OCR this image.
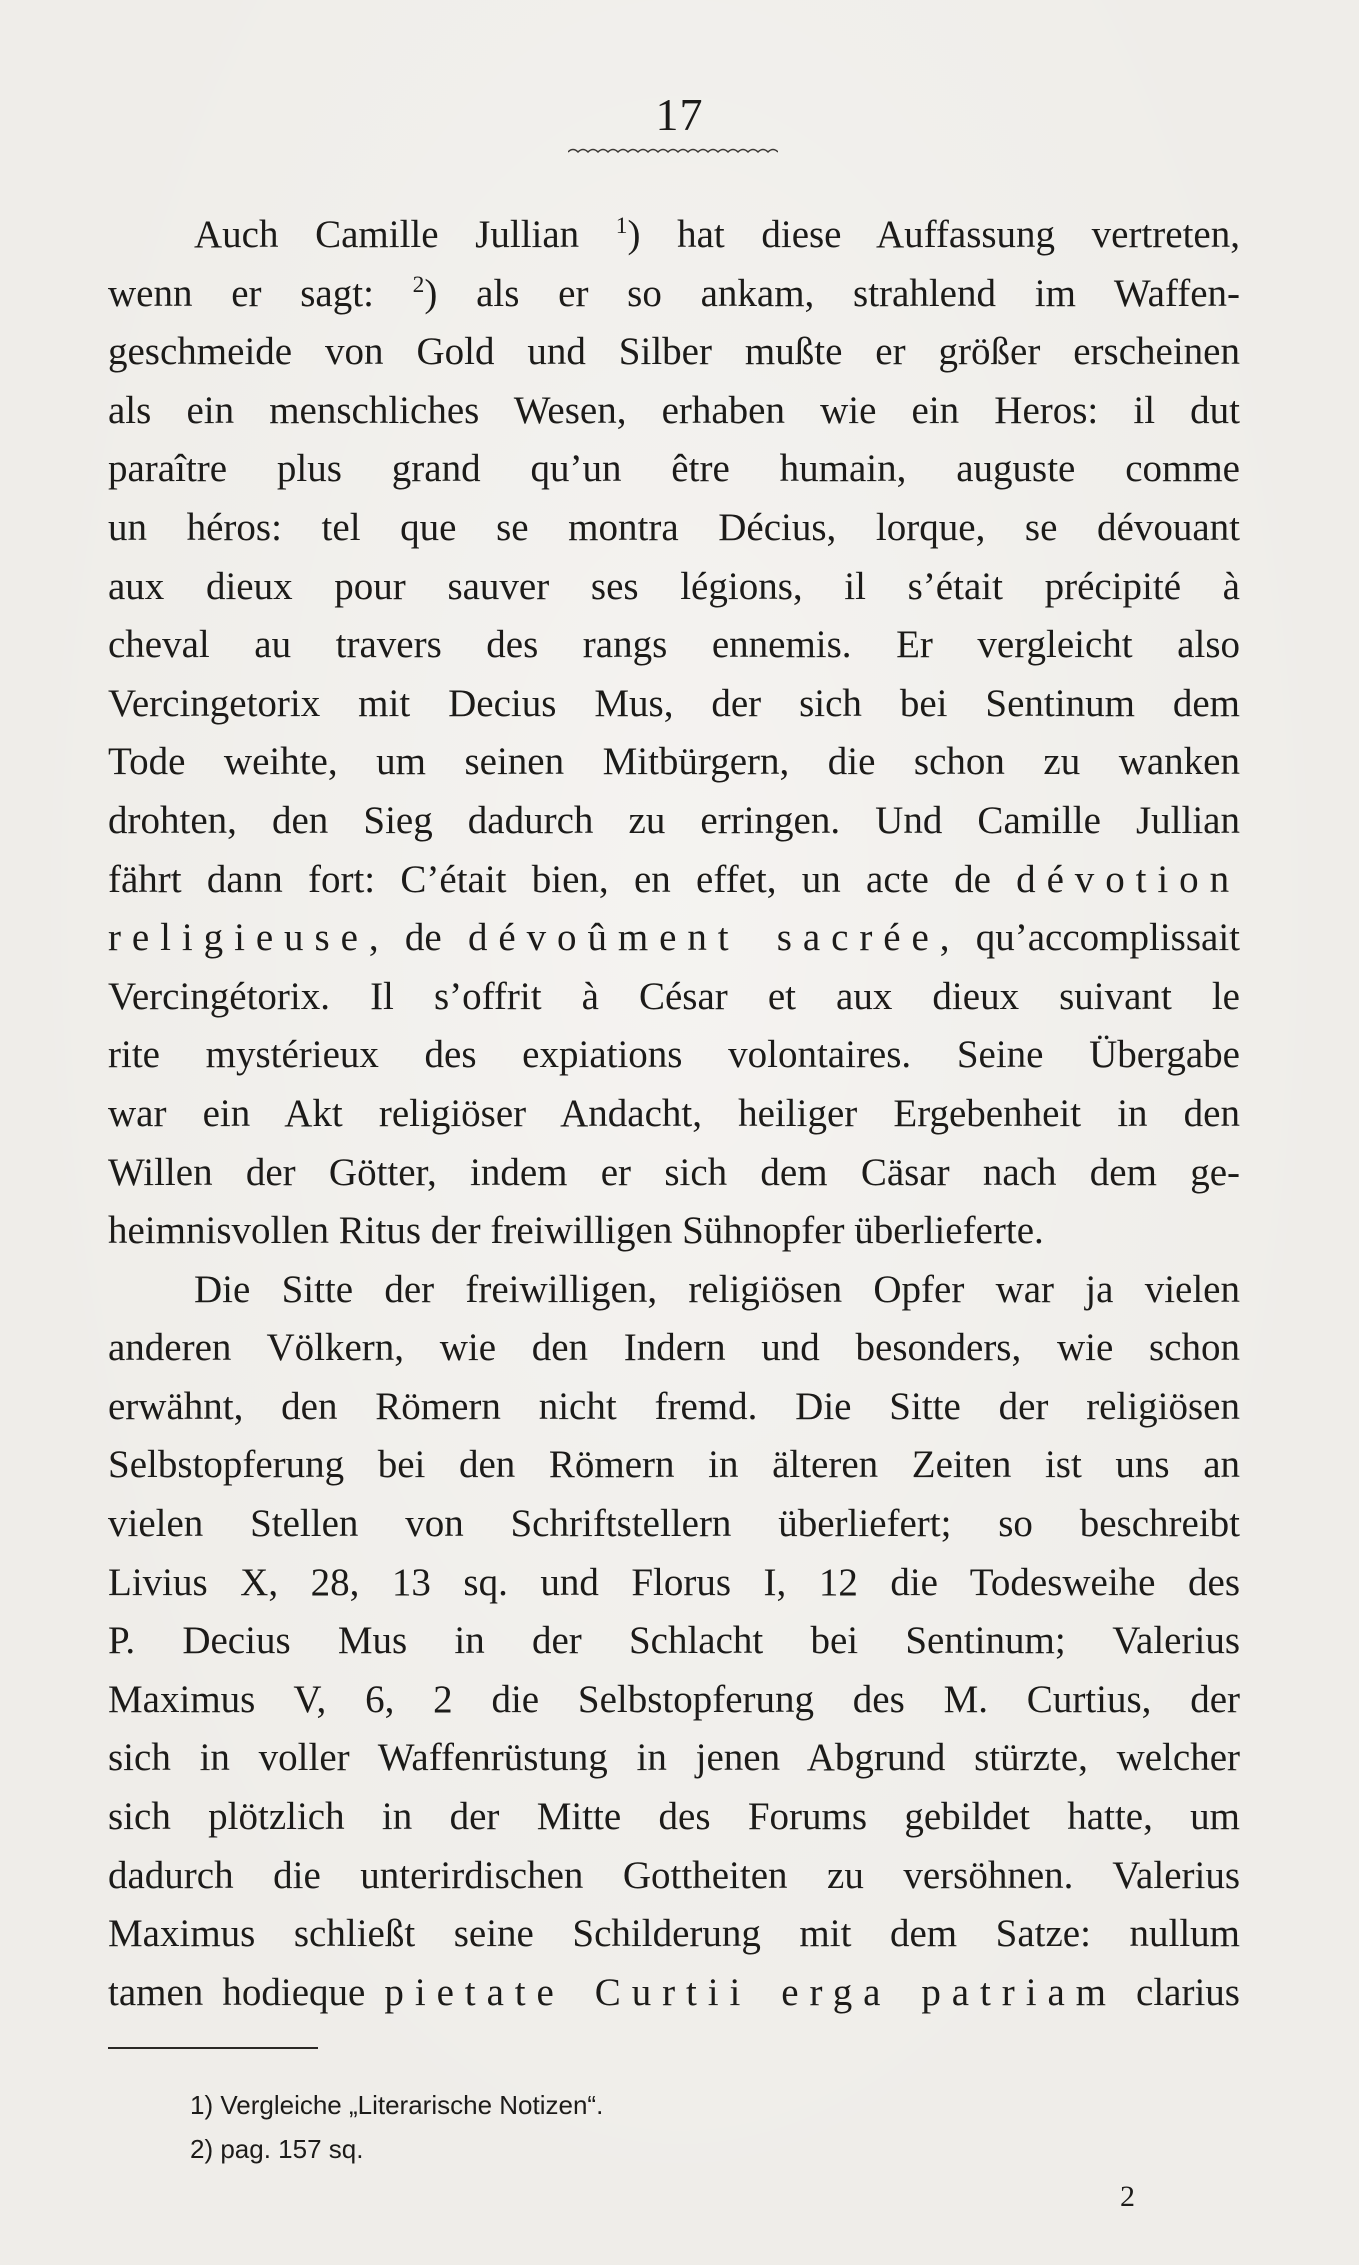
17
Auch Camille Jullian $^1$) hat diese Auffassung vertreten,
wenn er sagt: $^2$) als er so ankam, strahlend im Waffen-
geschmeide von Gold und Silber mußte er größer erscheinen
als ein menschliches Wesen, erhaben wie ein Heros: il dut
paraître plus grand qu’un être humain, auguste comme
un héros: tel que se montra Décius, lorque, se dévouant
aux dieux pour sauver ses légions, il s’était précipité à
cheval au travers des rangs ennemis. Er vergleicht also
Vercingetorix mit Decius Mus, der sich bei Sentinum dem
Tode weihte, um seinen Mitbürgern, die schon zu wanken
drohten, den Sieg dadurch zu erringen. Und Camille Jullian
fährt dann fort: C’était bien, en effet, un acte de dévotion
religieuse, de dévoûment sacrée, qu’accomplissait
Vercingétorix. Il s’offrit à César et aux dieux suivant le
rite mystérieux des expiations volontaires. Seine Übergabe
war ein Akt religiöser Andacht, heiliger Ergebenheit in den
Willen der Götter, indem er sich dem Cäsar nach dem ge-
heimnisvollen Ritus der freiwilligen Sühnopfer überlieferte.
Die Sitte der freiwilligen, religiösen Opfer war ja vielen
anderen Völkern, wie den Indern und besonders, wie schon
erwähnt, den Römern nicht fremd. Die Sitte der religiösen
Selbstopferung bei den Römern in älteren Zeiten ist uns an
vielen Stellen von Schriftstellern überliefert; so beschreibt
Livius X, 28, 13 sq. und Florus I, 12 die Todesweihe des
P. Decius Mus in der Schlacht bei Sentinum; Valerius
Maximus V, 6, 2 die Selbstopferung des M. Curtius, der
sich in voller Waffenrüstung in jenen Abgrund stürzte, welcher
sich plötzlich in der Mitte des Forums gebildet hatte, um
dadurch die unterirdischen Gottheiten zu versöhnen. Valerius
Maximus schließt seine Schilderung mit dem Satze: nullum
tamen hodieque pietate Curtii erga patriam clarius
1) Vergleiche „Literarische Notizen“.
2) pag. 157 sq.
2
